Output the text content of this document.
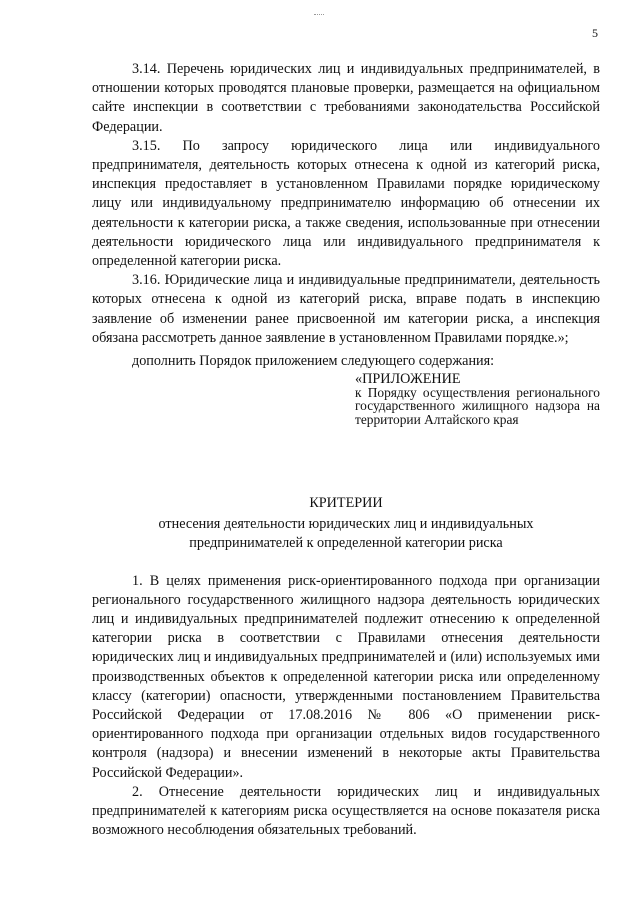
5

3.14. Перечень юридических лиц и индивидуальных предпринимателей, в отношении которых проводятся плановые проверки, размещается на официальном сайте инспекции в соответствии с требованиями законодательства Российской Федерации.

3.15. По запросу юридического лица или индивидуального предпринимателя, деятельность которых отнесена к одной из категорий риска, инспекция предоставляет в установленном Правилами порядке юридическому лицу или индивидуальному предпринимателю информацию об отнесении их деятельности к категории риска, а также сведения, использованные при отнесении деятельности юридического лица или индивидуального предпринимателя к определенной категории риска.

3.16. Юридические лица и индивидуальные предприниматели, деятельность которых отнесена к одной из категорий риска, вправе подать в инспекцию заявление об изменении ранее присвоенной им категории риска, а инспекция обязана рассмотреть данное заявление в установленном Правилами порядке.»;

дополнить Порядок приложением следующего содержания:

«ПРИЛОЖЕНИЕ
к Порядку осуществления регионального государственного жилищного надзора на территории Алтайского края
КРИТЕРИИ
отнесения деятельности юридических лиц и индивидуальных предпринимателей к определенной категории риска

1. В целях применения риск-ориентированного подхода при организации регионального государственного жилищного надзора деятельность юридических лиц и индивидуальных предпринимателей подлежит отнесению к определенной категории риска в соответствии с Правилами отнесения деятельности юридических лиц и индивидуальных предпринимателей и (или) используемых ими производственных объектов к определенной категории риска или определенному классу (категории) опасности, утвержденными постановлением Правительства Российской Федерации от 17.08.2016 № 806 «О применении риск-ориентированного подхода при организации отдельных видов государственного контроля (надзора) и внесении изменений в некоторые акты Правительства Российской Федерации».

2. Отнесение деятельности юридических лиц и индивидуальных предпринимателей к категориям риска осуществляется на основе показателя риска возможного несоблюдения обязательных требований.
